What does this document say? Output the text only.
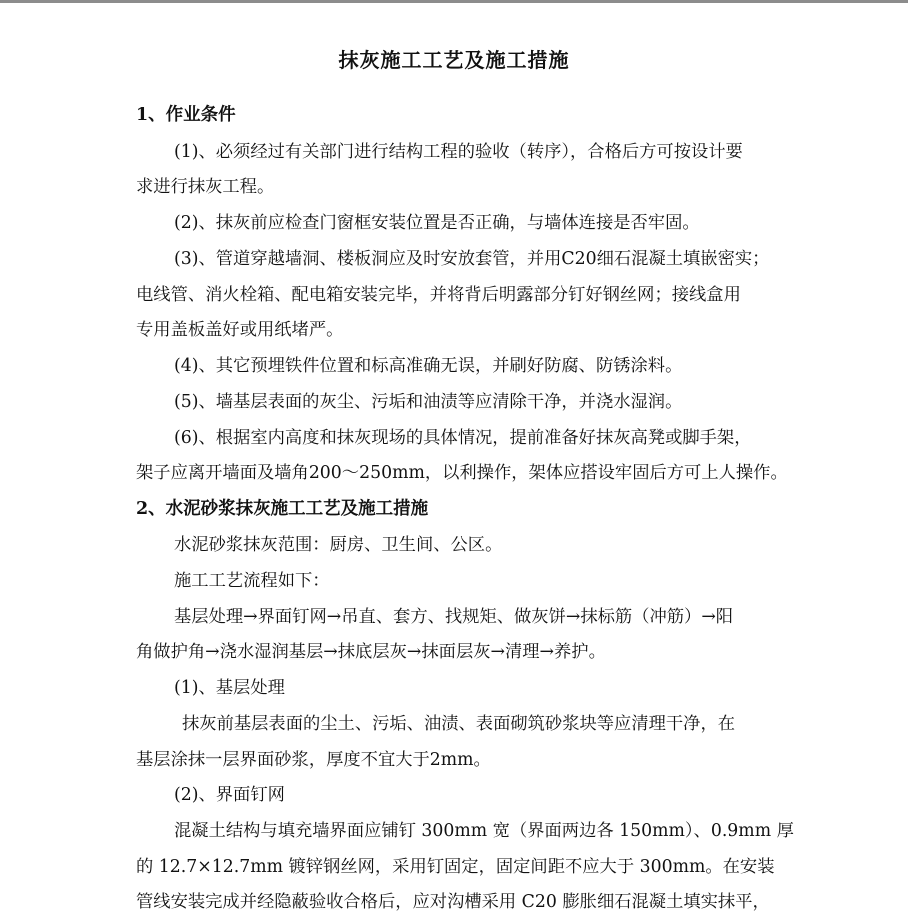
抹灰施工工艺及施工措施
1、作业条件
(1)、必须经过有关部门进行结构工程的验收（转序），合格后方可按设计要
求进行抹灰工程。
(2)、抹灰前应检查门窗框安装位置是否正确，与墙体连接是否牢固。
(3)、管道穿越墙洞、楼板洞应及时安放套管，并用C20细石混凝土填嵌密实；
电线管、消火栓箱、配电箱安装完毕，并将背后明露部分钉好钢丝网；接线盒用
专用盖板盖好或用纸堵严。
(4)、其它预埋铁件位置和标高准确无误，并刷好防腐、防锈涂料。
(5)、墙基层表面的灰尘、污垢和油渍等应清除干净，并浇水湿润。
(6)、根据室内高度和抹灰现场的具体情况，提前准备好抹灰高凳或脚手架，
架子应离开墙面及墙角200～250mm，以利操作，架体应搭设牢固后方可上人操作。
2、水泥砂浆抹灰施工工艺及施工措施
水泥砂浆抹灰范围：厨房、卫生间、公区。
施工工艺流程如下：
基层处理→界面钉网→吊直、套方、找规矩、做灰饼→抹标筋（冲筋）→阳
角做护角→浇水湿润基层→抹底层灰→抹面层灰→清理→养护。
(1)、基层处理
抹灰前基层表面的尘土、污垢、油渍、表面砌筑砂浆块等应清理干净，在
基层涂抹一层界面砂浆，厚度不宜大于2mm。
(2)、界面钉网
混凝土结构与填充墙界面应铺钉 300mm 宽（界面两边各 150mm）、0.9mm 厚
的 12.7×12.7mm 镀锌钢丝网，采用钉固定，固定间距不应大于 300mm。在安装
管线安装完成并经隐蔽验收合格后，应对沟槽采用 C20 膨胀细石混凝土填实抹平，
